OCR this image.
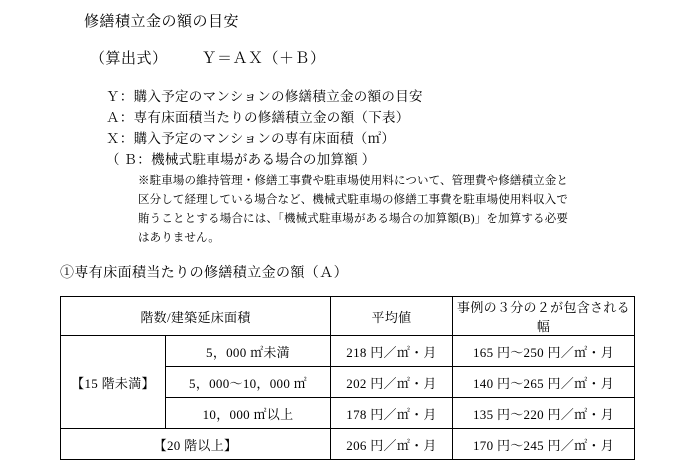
修繕積立金の額の目安
（算出式） Ｙ＝ＡＸ（＋Ｂ）
Ｙ：購入予定のマンションの修繕積立金の額の目安
Ａ：専有床面積当たりの修繕積立金の額（下表）
Ｘ：購入予定のマンションの専有床面積（㎡）
（ Ｂ：機械式駐車場がある場合の加算額 ）
※駐車場の維持管理・修繕工事費や駐車場使用料について、管理費や修繕積立金と区分して経理している場合など、機械式駐車場の修繕工事費を駐車場使用料収入で賄うこととする場合には、「機械式駐車場がある場合の加算額(B)」を加算する必要はありません。
①専有床面積当たりの修繕積立金の額（Ａ）
階数/建築延床面積		平均値	事例の３分の２が包含される幅
【15 階未満】	5，000 ㎡未満	218 円／㎡・月	165 円～250 円／㎡・月
	5，000～10，000 ㎡	202 円／㎡・月	140 円～265 円／㎡・月
	10，000 ㎡以上	178 円／㎡・月	135 円～220 円／㎡・月
【20 階以上】		206 円／㎡・月	170 円～245 円／㎡・月
